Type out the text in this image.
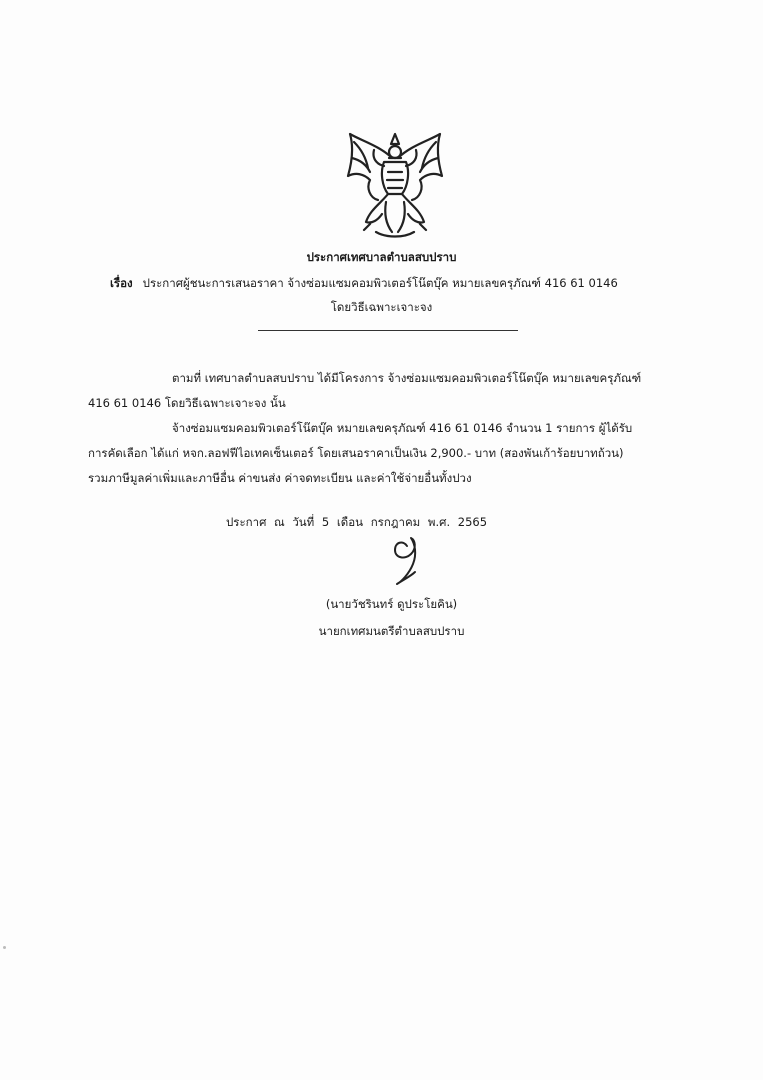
ประกาศเทศบาลตำบลสบปราบ
เรื่อง ประกาศผู้ชนะการเสนอราคา จ้างซ่อมแซมคอมพิวเตอร์โน๊ตบุ๊ค หมายเลขครุภัณฑ์ 416 61 0146
โดยวิธีเฉพาะเจาะจง
ตามที่ เทศบาลตำบลสบปราบ ได้มีโครงการ จ้างซ่อมแซมคอมพิวเตอร์โน๊ตบุ๊ค หมายเลขครุภัณฑ์
416 61 0146 โดยวิธีเฉพาะเจาะจง นั้น
จ้างซ่อมแซมคอมพิวเตอร์โน๊ตบุ๊ค หมายเลขครุภัณฑ์ 416 61 0146 จำนวน 1 รายการ ผู้ได้รับ
การคัดเลือก ได้แก่ หจก.ลอฟฟีไอเทคเซ็นเตอร์ โดยเสนอราคาเป็นเงิน 2,900.- บาท (สองพันเก้าร้อยบาทถ้วน)
รวมภาษีมูลค่าเพิ่มและภาษีอื่น ค่าขนส่ง ค่าจดทะเบียน และค่าใช้จ่ายอื่นทั้งปวง
ประกาศ ณ วันที่ 5 เดือน กรกฎาคม พ.ศ. 2565
(นายวัชรินทร์ ดูประโยคิน)
นายกเทศมนตรีตำบลสบปราบ
